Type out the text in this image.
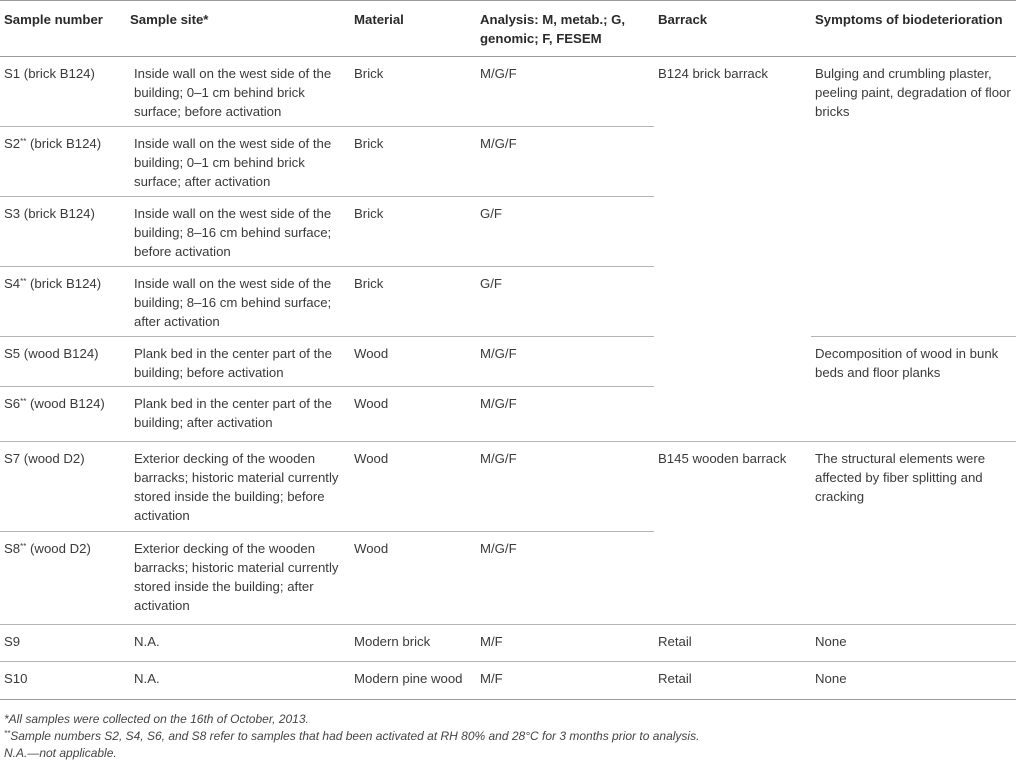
Sample number	Sample site*	Material	Analysis: M, metab.; G, genomic; F, FESEM	Barrack	Symptoms of biodeterioration
S1 (brick B124)	Inside wall on the west side of the building; 0–1 cm behind brick surface; before activation	Brick	M/G/F	B124 brick barrack	Bulging and crumbling plaster, peeling paint, degradation of floor bricks
S2** (brick B124)	Inside wall on the west side of the building; 0–1 cm behind brick surface; after activation	Brick	M/G/F		
S3 (brick B124)	Inside wall on the west side of the building; 8–16 cm behind surface; before activation	Brick	G/F		
S4** (brick B124)	Inside wall on the west side of the building; 8–16 cm behind surface; after activation	Brick	G/F		
S5 (wood B124)	Plank bed in the center part of the building; before activation	Wood	M/G/F		Decomposition of wood in bunk beds and floor planks
S6** (wood B124)	Plank bed in the center part of the building; after activation	Wood	M/G/F		
S7 (wood D2)	Exterior decking of the wooden barracks; historic material currently stored inside the building; before activation	Wood	M/G/F	B145 wooden barrack	The structural elements were affected by fiber splitting and cracking
S8** (wood D2)	Exterior decking of the wooden barracks; historic material currently stored inside the building; after activation	Wood	M/G/F		
S9	N.A.	Modern brick	M/F	Retail	None
S10	N.A.	Modern pine wood	M/F	Retail	None
*All samples were collected on the 16th of October, 2013.
**Sample numbers S2, S4, S6, and S8 refer to samples that had been activated at RH 80% and 28°C for 3 months prior to analysis.
N.A.—not applicable.
